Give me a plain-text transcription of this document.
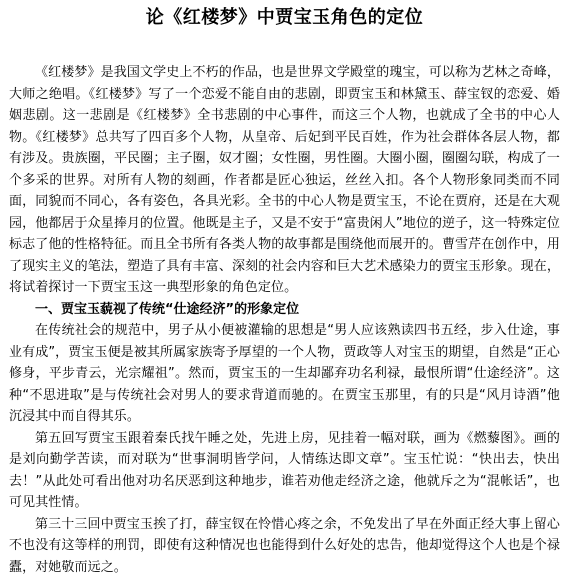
论《红楼梦》中贾宝玉角色的定位

《红楼梦》是我国文学史上不朽的作品，也是世界文学殿堂的瑰宝，可以称为艺林之奇峰，大师之绝唱。《红楼梦》写了一个恋爱不能自由的悲剧，即贾宝玉和林黛玉、薛宝钗的恋爱、婚姻悲剧。这一悲剧是《红楼梦》全书悲剧的中心事件，而这三个人物，也就成了全书的中心人物。《红楼梦》总共写了四百多个人物，从皇帝、后妃到平民百姓，作为社会群体各层人物，都有涉及。贵族圈，平民圈；主子圈，奴才圈；女性圈，男性圈。大圈小圈，圈圈勾联，构成了一个多采的世界。对所有人物的刻画，作者都是匠心独运，丝丝入扣。各个人物形象同类而不同面，同貌而不同心，各有姿色，各具光彩。全书的中心人物是贾宝玉，不论在贾府，还是在大观园，他都居于众星捧月的位置。他既是主子，又是不安于“富贵闲人”地位的逆子，这一特殊定位标志了他的性格特征。而且全书所有各类人物的故事都是围绕他而展开的。曹雪芹在创作中，用了现实主义的笔法，塑造了具有丰富、深刻的社会内容和巨大艺术感染力的贾宝玉形象。现在，将试着探讨一下贾宝玉这一典型形象的角色定位。

一、贾宝玉藐视了传统“仕途经济”的形象定位

在传统社会的规范中，男子从小便被灌输的思想是“男人应该熟读四书五经，步入仕途，事业有成”，贾宝玉便是被其所属家族寄予厚望的一个人物，贾政等人对宝玉的期望，自然是“正心修身，平步青云，光宗耀祖”。然而，贾宝玉的一生却鄙弃功名利禄，最恨所谓“仕途经济”。这种“不思进取”是与传统社会对男人的要求背道而驰的。在贾宝玉那里，有的只是“风月诗酒”他沉浸其中而自得其乐。

第五回写贾宝玉跟着秦氏找午睡之处，先进上房，见挂着一幅对联，画为《燃藜图》。画的是刘向勤学苦读，而对联为“世事洞明皆学问，人情练达即文章”。宝玉忙说：“快出去，快出去！”从此处可看出他对功名厌恶到这种地步，谁若劝他走经济之途，他就斥之为“混帐话”，也可见其性情。

第三十三回中贾宝玉挨了打，薛宝钗在怜惜心疼之余，不免发出了早在外面正经大事上留心不也没有这等样的刑罚，即使有这种情况也也能得到什么好处的忠告，他却觉得这个人也是个禄蠹，对她敬而远之。
